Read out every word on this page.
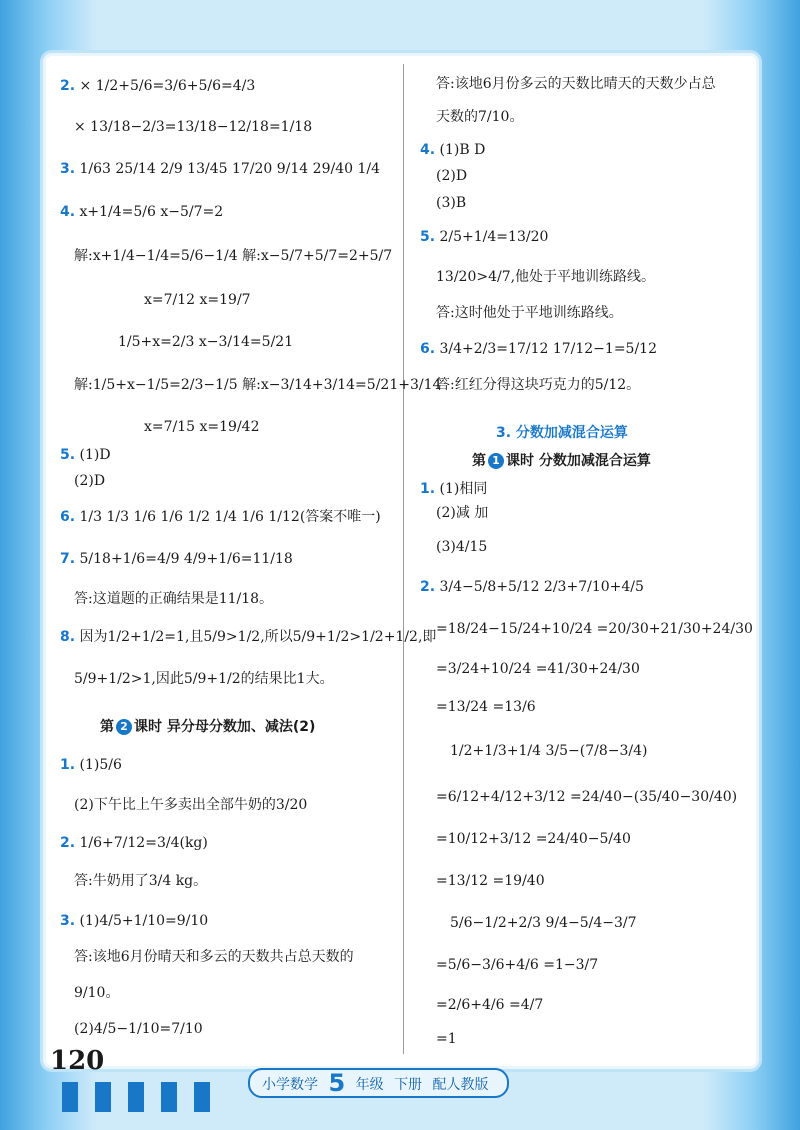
2. × 1/2+5/6=3/6+5/6=4/3
× 13/18−2/3=13/18−12/18=1/18
3. 1/63 25/14 2/9 13/45 17/20 9/14 29/40 1/4
4. x+1/4=5/6 x−5/7=2
解:x+1/4−1/4=5/6−1/4 解:x−5/7+5/7=2+5/7
x=7/12 x=19/7
1/5+x=2/3 x−3/14=5/21
解:1/5+x−1/5=2/3−1/5 解:x−3/14+3/14=5/21+3/14
x=7/15 x=19/42
5. (1)D
(2)D
6. 1/3 1/3 1/6 1/6 1/2 1/4 1/6 1/12(答案不唯一)
7. 5/18+1/6=4/9 4/9+1/6=11/18
答:这道题的正确结果是11/18。
8. 因为1/2+1/2=1,且5/9>1/2,所以5/9+1/2>1/2+1/2,即
5/9+1/2>1,因此5/9+1/2的结果比1大。
第 2 课时 异分母分数加、减法(2)
1. (1)5/6
(2)下午比上午多卖出全部牛奶的3/20
2. 1/6+7/12=3/4(kg)
答:牛奶用了3/4 kg。
3. (1)4/5+1/10=9/10
答:该地6月份晴天和多云的天数共占总天数的
9/10。
(2)4/5−1/10=7/10
答:该地6月份多云的天数比晴天的天数少占总
天数的7/10。
4. (1)B D
(2)D
(3)B
5. 2/5+1/4=13/20
13/20>4/7,他处于平地训练路线。
答:这时他处于平地训练路线。
6. 3/4+2/3=17/12 17/12−1=5/12
答:红红分得这块巧克力的5/12。
3. 分数加减混合运算
第 1 课时 分数加减混合运算
1. (1)相同
(2)减 加
(3)4/15
2. 3/4−5/8+5/12 2/3+7/10+4/5
=18/24−15/24+10/24 =20/30+21/30+24/30
=3/24+10/24 =41/30+24/30
=13/24 =13/6
1/2+1/3+1/4 3/5−(7/8−3/4)
=6/12+4/12+3/12 =24/40−(35/40−30/40)
=10/12+3/12 =24/40−5/40
=13/12 =19/40
5/6−1/2+2/3 9/4−5/4−3/7
=5/6−3/6+4/6 =1−3/7
=2/6+4/6 =4/7
=1
120
小学数学 5 年级 下册 配人教版
